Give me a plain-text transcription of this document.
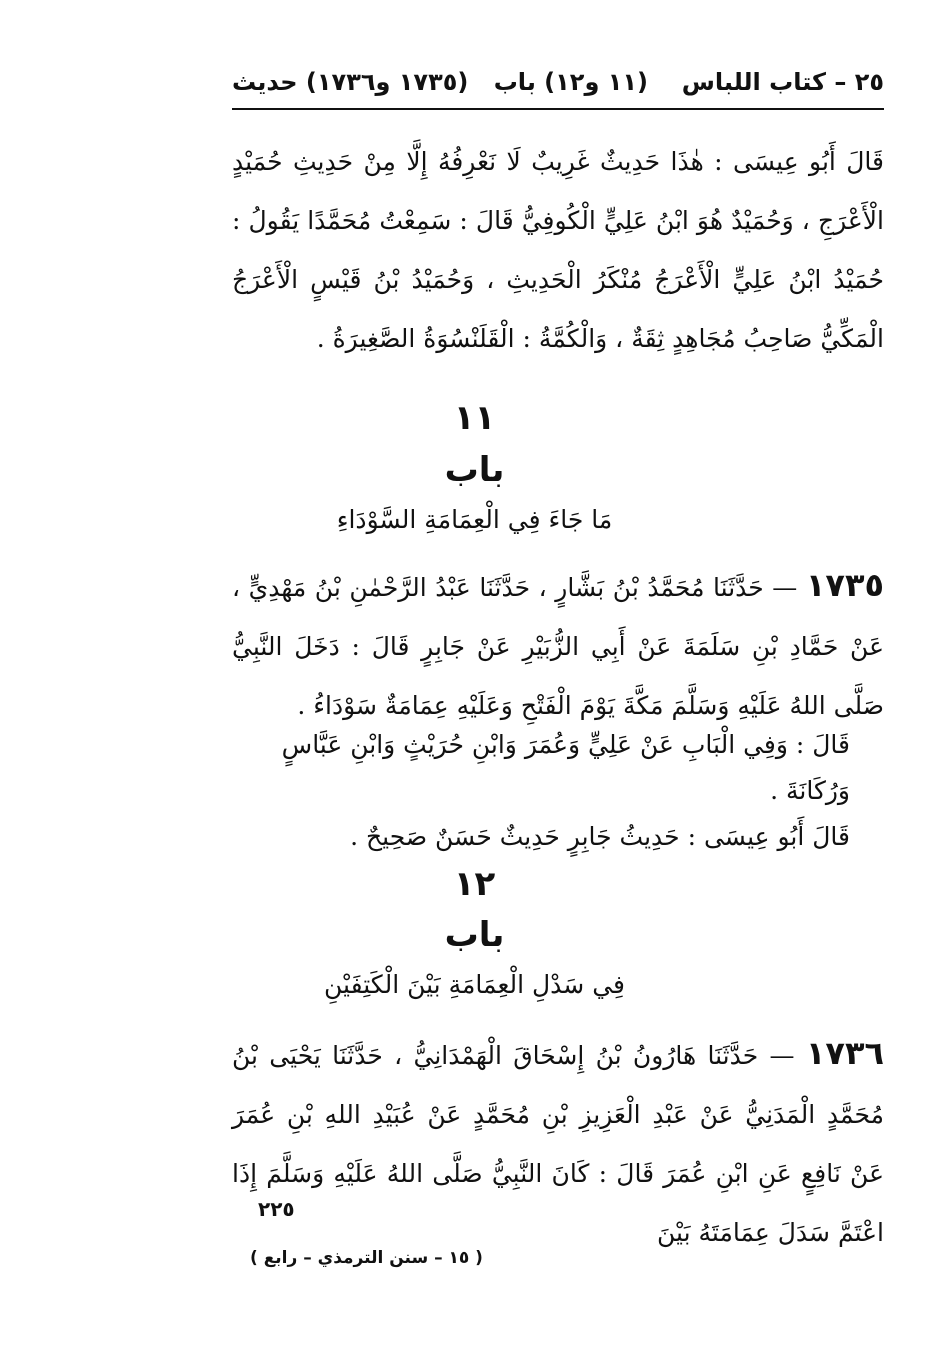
٢٥ – كتاب اللباس
(١١ و١٢) باب
(١٧٣٥ و١٧٣٦) حديث
قَالَ أَبُو عِيسَى : هٰذَا حَدِيثٌ غَرِيبٌ لَا نَعْرِفُهُ إِلَّا مِنْ حَدِيثِ حُمَيْدٍ الْأَعْرَجِ ، وَحُمَيْدٌ هُوَ ابْنُ عَلِيٍّ الْكُوفِيُّ قَالَ : سَمِعْتُ مُحَمَّدًا يَقُولُ : حُمَيْدُ ابْنُ عَلِيٍّ الْأَعْرَجُ مُنْكَرُ الْحَدِيثِ ، وَحُمَيْدُ بْنُ قَيْسٍ الْأَعْرَجُ الْمَكِّيُّ صَاحِبُ مُجَاهِدٍ ثِقَةٌ ، وَالْكُمَّةُ : الْقَلَنْسُوَةُ الصَّغِيرَةُ .
١١
باب
مَا جَاءَ فِي الْعِمَامَةِ السَّوْدَاءِ
١٧٣٥ — حَدَّثَنَا مُحَمَّدُ بْنُ بَشَّارٍ ، حَدَّثَنَا عَبْدُ الرَّحْمٰنِ بْنُ مَهْدِيٍّ ، عَنْ حَمَّادِ بْنِ سَلَمَةَ عَنْ أَبِي الزُّبَيْرِ عَنْ جَابِرٍ قَالَ : دَخَلَ النَّبِيُّ صَلَّى اللهُ عَلَيْهِ وَسَلَّمَ مَكَّةَ يَوْمَ الْفَتْحِ وَعَلَيْهِ عِمَامَةٌ سَوْدَاءُ .

قَالَ : وَفِي الْبَابِ عَنْ عَلِيٍّ وَعُمَرَ وَابْنِ حُرَيْثٍ وَابْنِ عَبَّاسٍ وَرُكَانَةَ .

قَالَ أَبُو عِيسَى : حَدِيثُ جَابِرٍ حَدِيثٌ حَسَنٌ صَحِيحٌ .

١٢
باب
فِي سَدْلِ الْعِمَامَةِ بَيْنَ الْكَتِفَيْنِ
١٧٣٦ — حَدَّثَنَا هَارُونُ بْنُ إِسْحَاقَ الْهَمْدَانِيُّ ، حَدَّثَنَا يَحْيَى بْنُ مُحَمَّدٍ الْمَدَنِيُّ عَنْ عَبْدِ الْعَزِيزِ بْنِ مُحَمَّدٍ عَنْ عُبَيْدِ اللهِ بْنِ عُمَرَ عَنْ نَافِعٍ عَنِ ابْنِ عُمَرَ قَالَ : كَانَ النَّبِيُّ صَلَّى اللهُ عَلَيْهِ وَسَلَّمَ إِذَا اعْتَمَّ سَدَلَ عِمَامَتَهُ بَيْنَ
٢٢٥
( ١٥ – سنن الترمذي – رابع )
